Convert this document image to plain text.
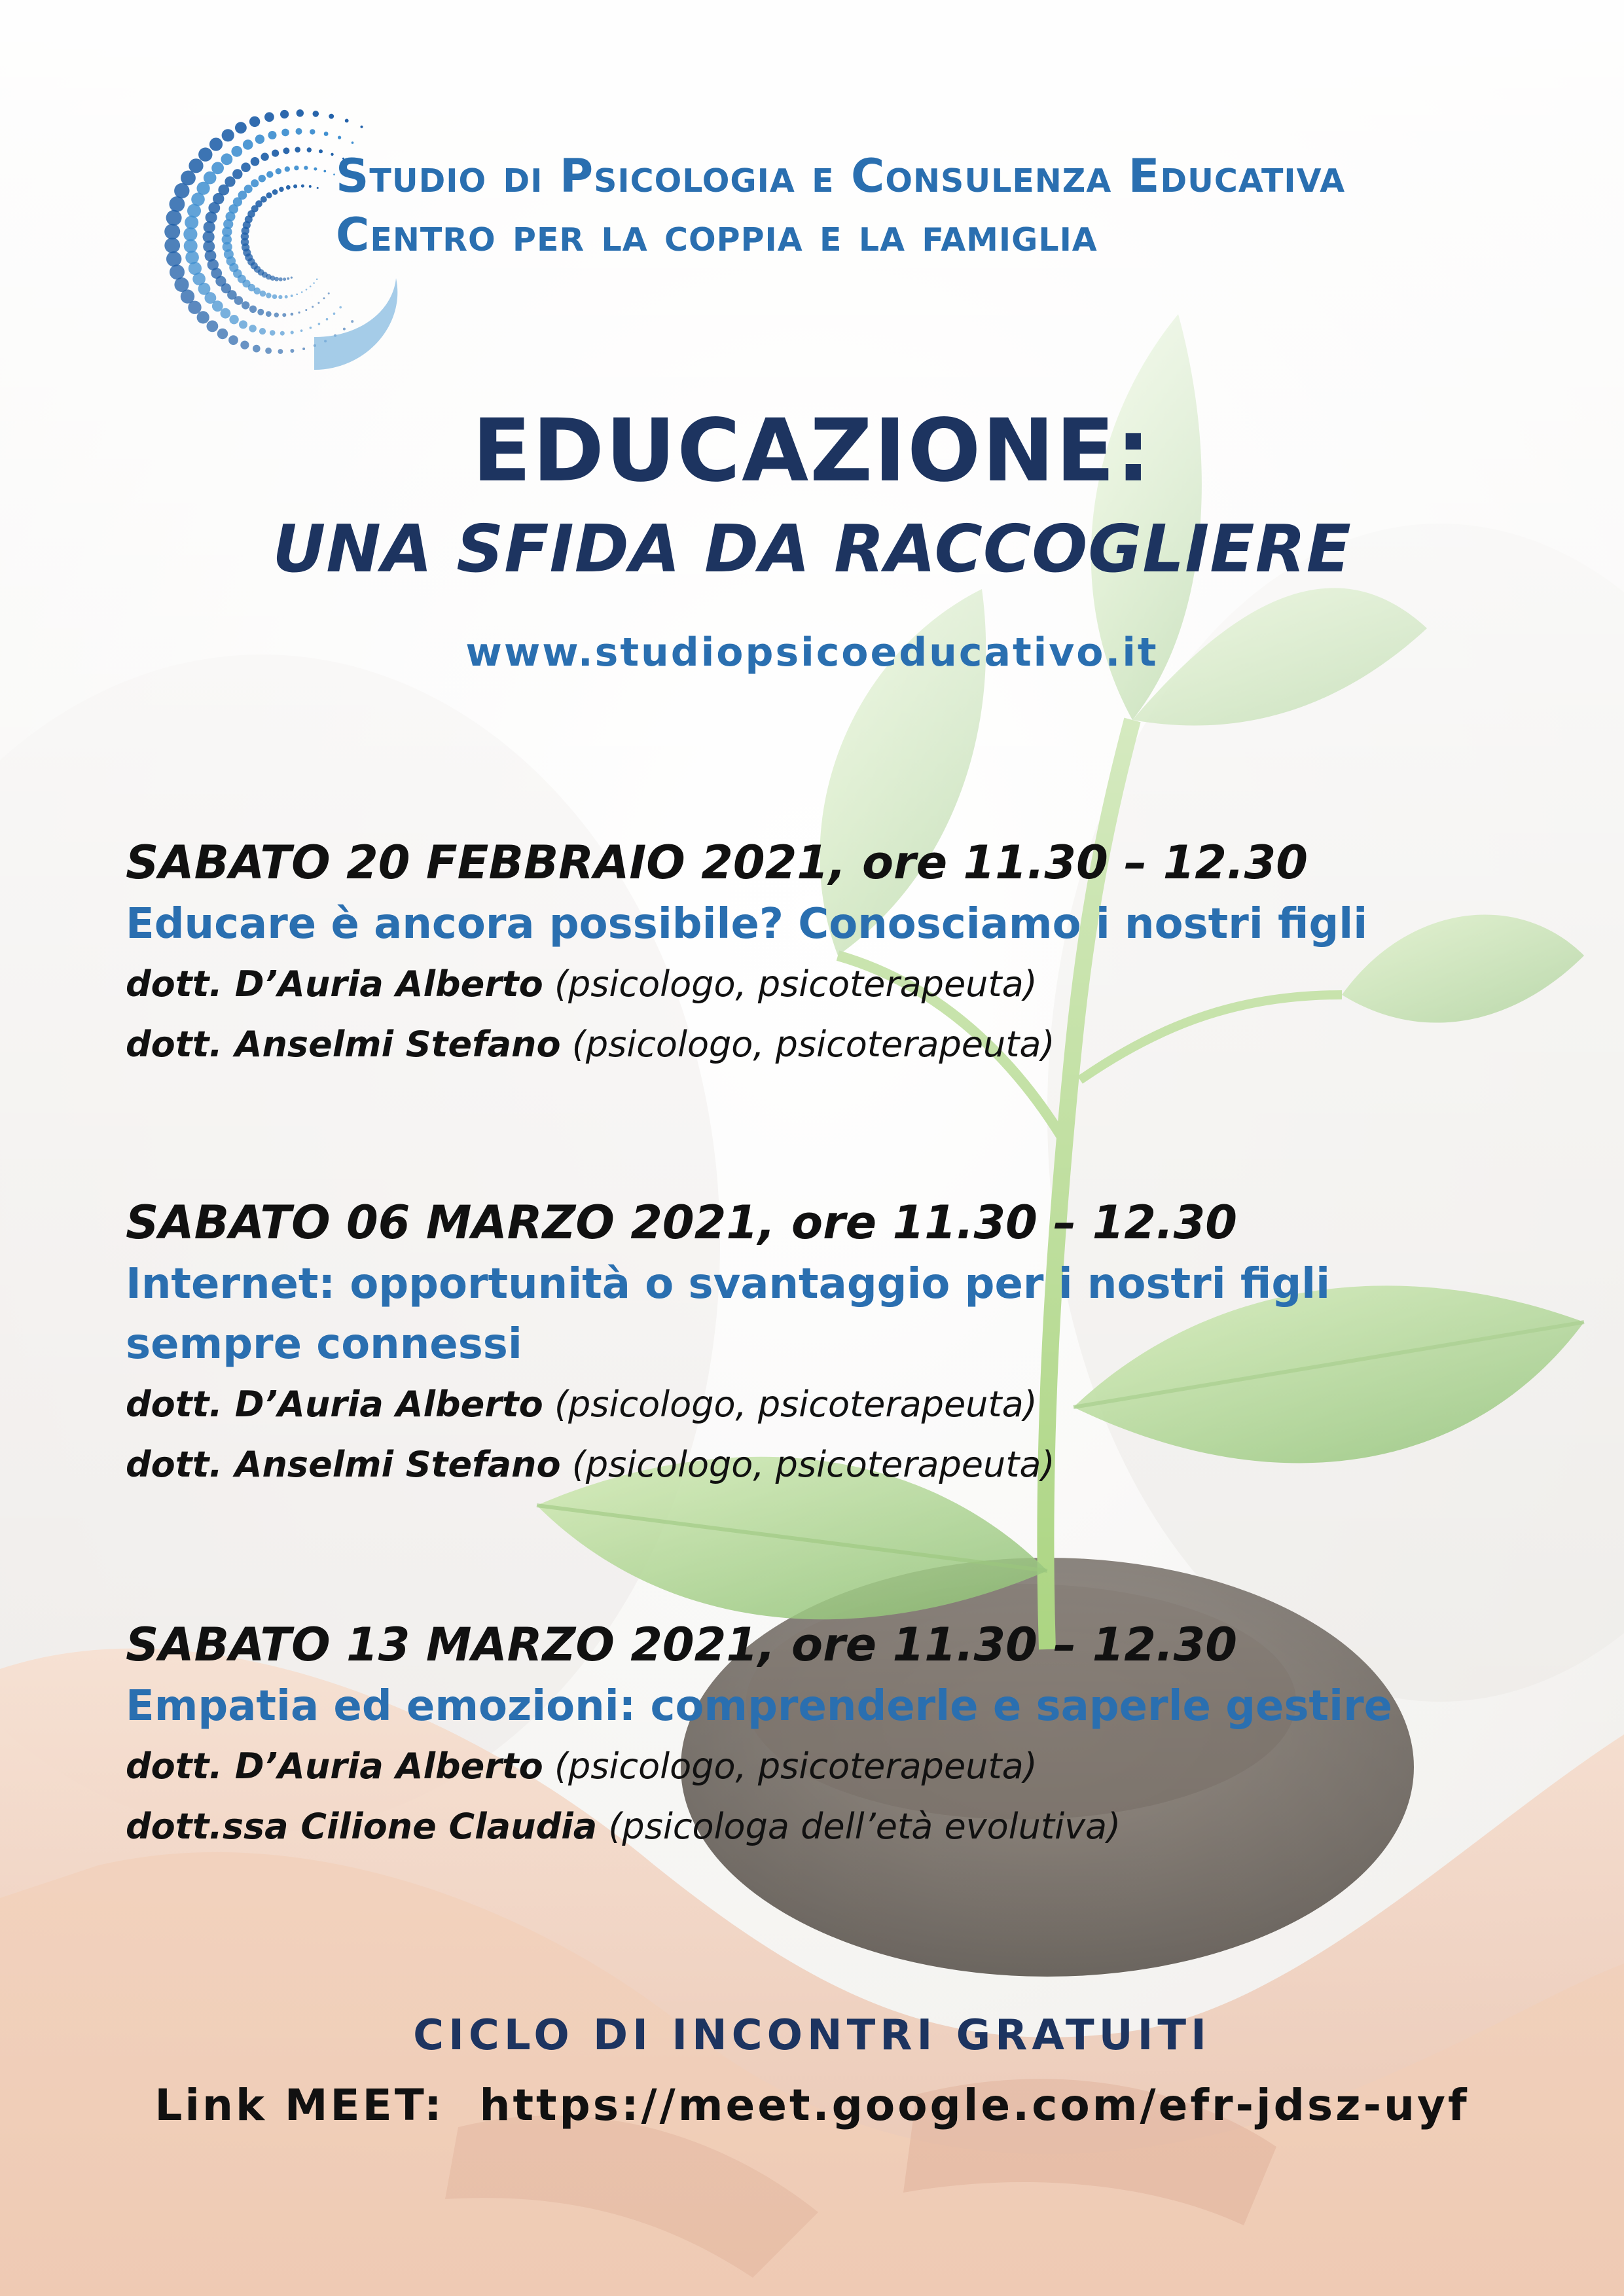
Studio di Psicologia e Consulenza Educativa
Centro per la coppia e la famiglia
EDUCAZIONE:
UNA SFIDA DA RACCOGLIERE
www.studiopsicoeducativo.it
SABATO 20 FEBBRAIO 2021, ore 11.30 – 12.30
Educare è ancora possibile? Conosciamo i nostri figli
dott. D’Auria Alberto (psicologo, psicoterapeuta)
dott. Anselmi Stefano (psicologo, psicoterapeuta)
SABATO 06 MARZO 2021, ore 11.30 – 12.30
Internet: opportunità o svantaggio per i nostri figli sempre connessi
dott. D’Auria Alberto (psicologo, psicoterapeuta)
dott. Anselmi Stefano (psicologo, psicoterapeuta)
SABATO 13 MARZO 2021, ore 11.30 – 12.30
Empatia ed emozioni: comprenderle e saperle gestire
dott. D’Auria Alberto (psicologo, psicoterapeuta)
dott.ssa Cilione Claudia (psicologa dell’età evolutiva)
CICLO DI INCONTRI GRATUITI
Link MEET: https://meet.google.com/efr-jdsz-uyf
